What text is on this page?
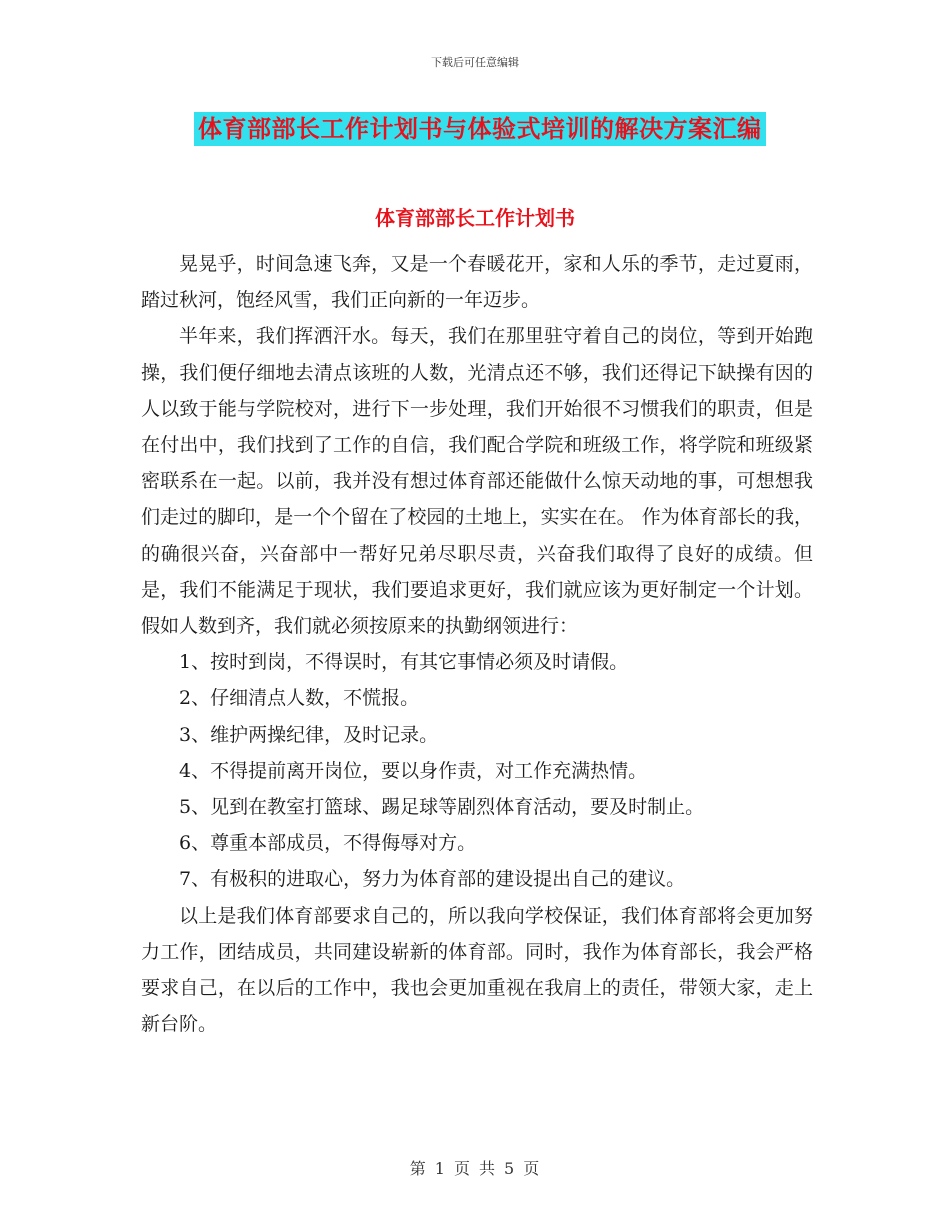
下载后可任意编辑
体育部部长工作计划书与体验式培训的解决方案汇编
体育部部长工作计划书

晃晃乎，时间急速飞奔，又是一个春暖花开，家和人乐的季节，走过夏雨，踏过秋河，饱经风雪，我们正向新的一年迈步。

半年来，我们挥洒汗水。每天，我们在那里驻守着自己的岗位，等到开始跑操，我们便仔细地去清点该班的人数，光清点还不够，我们还得记下缺操有因的人以致于能与学院校对，进行下一步处理，我们开始很不习惯我们的职责，但是在付出中，我们找到了工作的自信，我们配合学院和班级工作，将学院和班级紧密联系在一起。以前，我并没有想过体育部还能做什么惊天动地的事，可想想我们走过的脚印，是一个个留在了校园的土地上，实实在在。 作为体育部长的我，的确很兴奋，兴奋部中一帮好兄弟尽职尽责，兴奋我们取得了良好的成绩。但是，我们不能满足于现状，我们要追求更好，我们就应该为更好制定一个计划。 假如人数到齐，我们就必须按原来的执勤纲领进行：

1、按时到岗，不得误时，有其它事情必须及时请假。

2、仔细清点人数，不慌报。

3、维护两操纪律，及时记录。

4、不得提前离开岗位，要以身作责，对工作充满热情。

5、见到在教室打篮球、踢足球等剧烈体育活动，要及时制止。

6、尊重本部成员，不得侮辱对方。

7、有极积的进取心，努力为体育部的建设提出自己的建议。

以上是我们体育部要求自己的，所以我向学校保证，我们体育部将会更加努力工作，团结成员，共同建设崭新的体育部。同时，我作为体育部长，我会严格要求自己，在以后的工作中，我也会更加重视在我肩上的责任，带领大家，走上新台阶。

第 1 页 共 5 页
